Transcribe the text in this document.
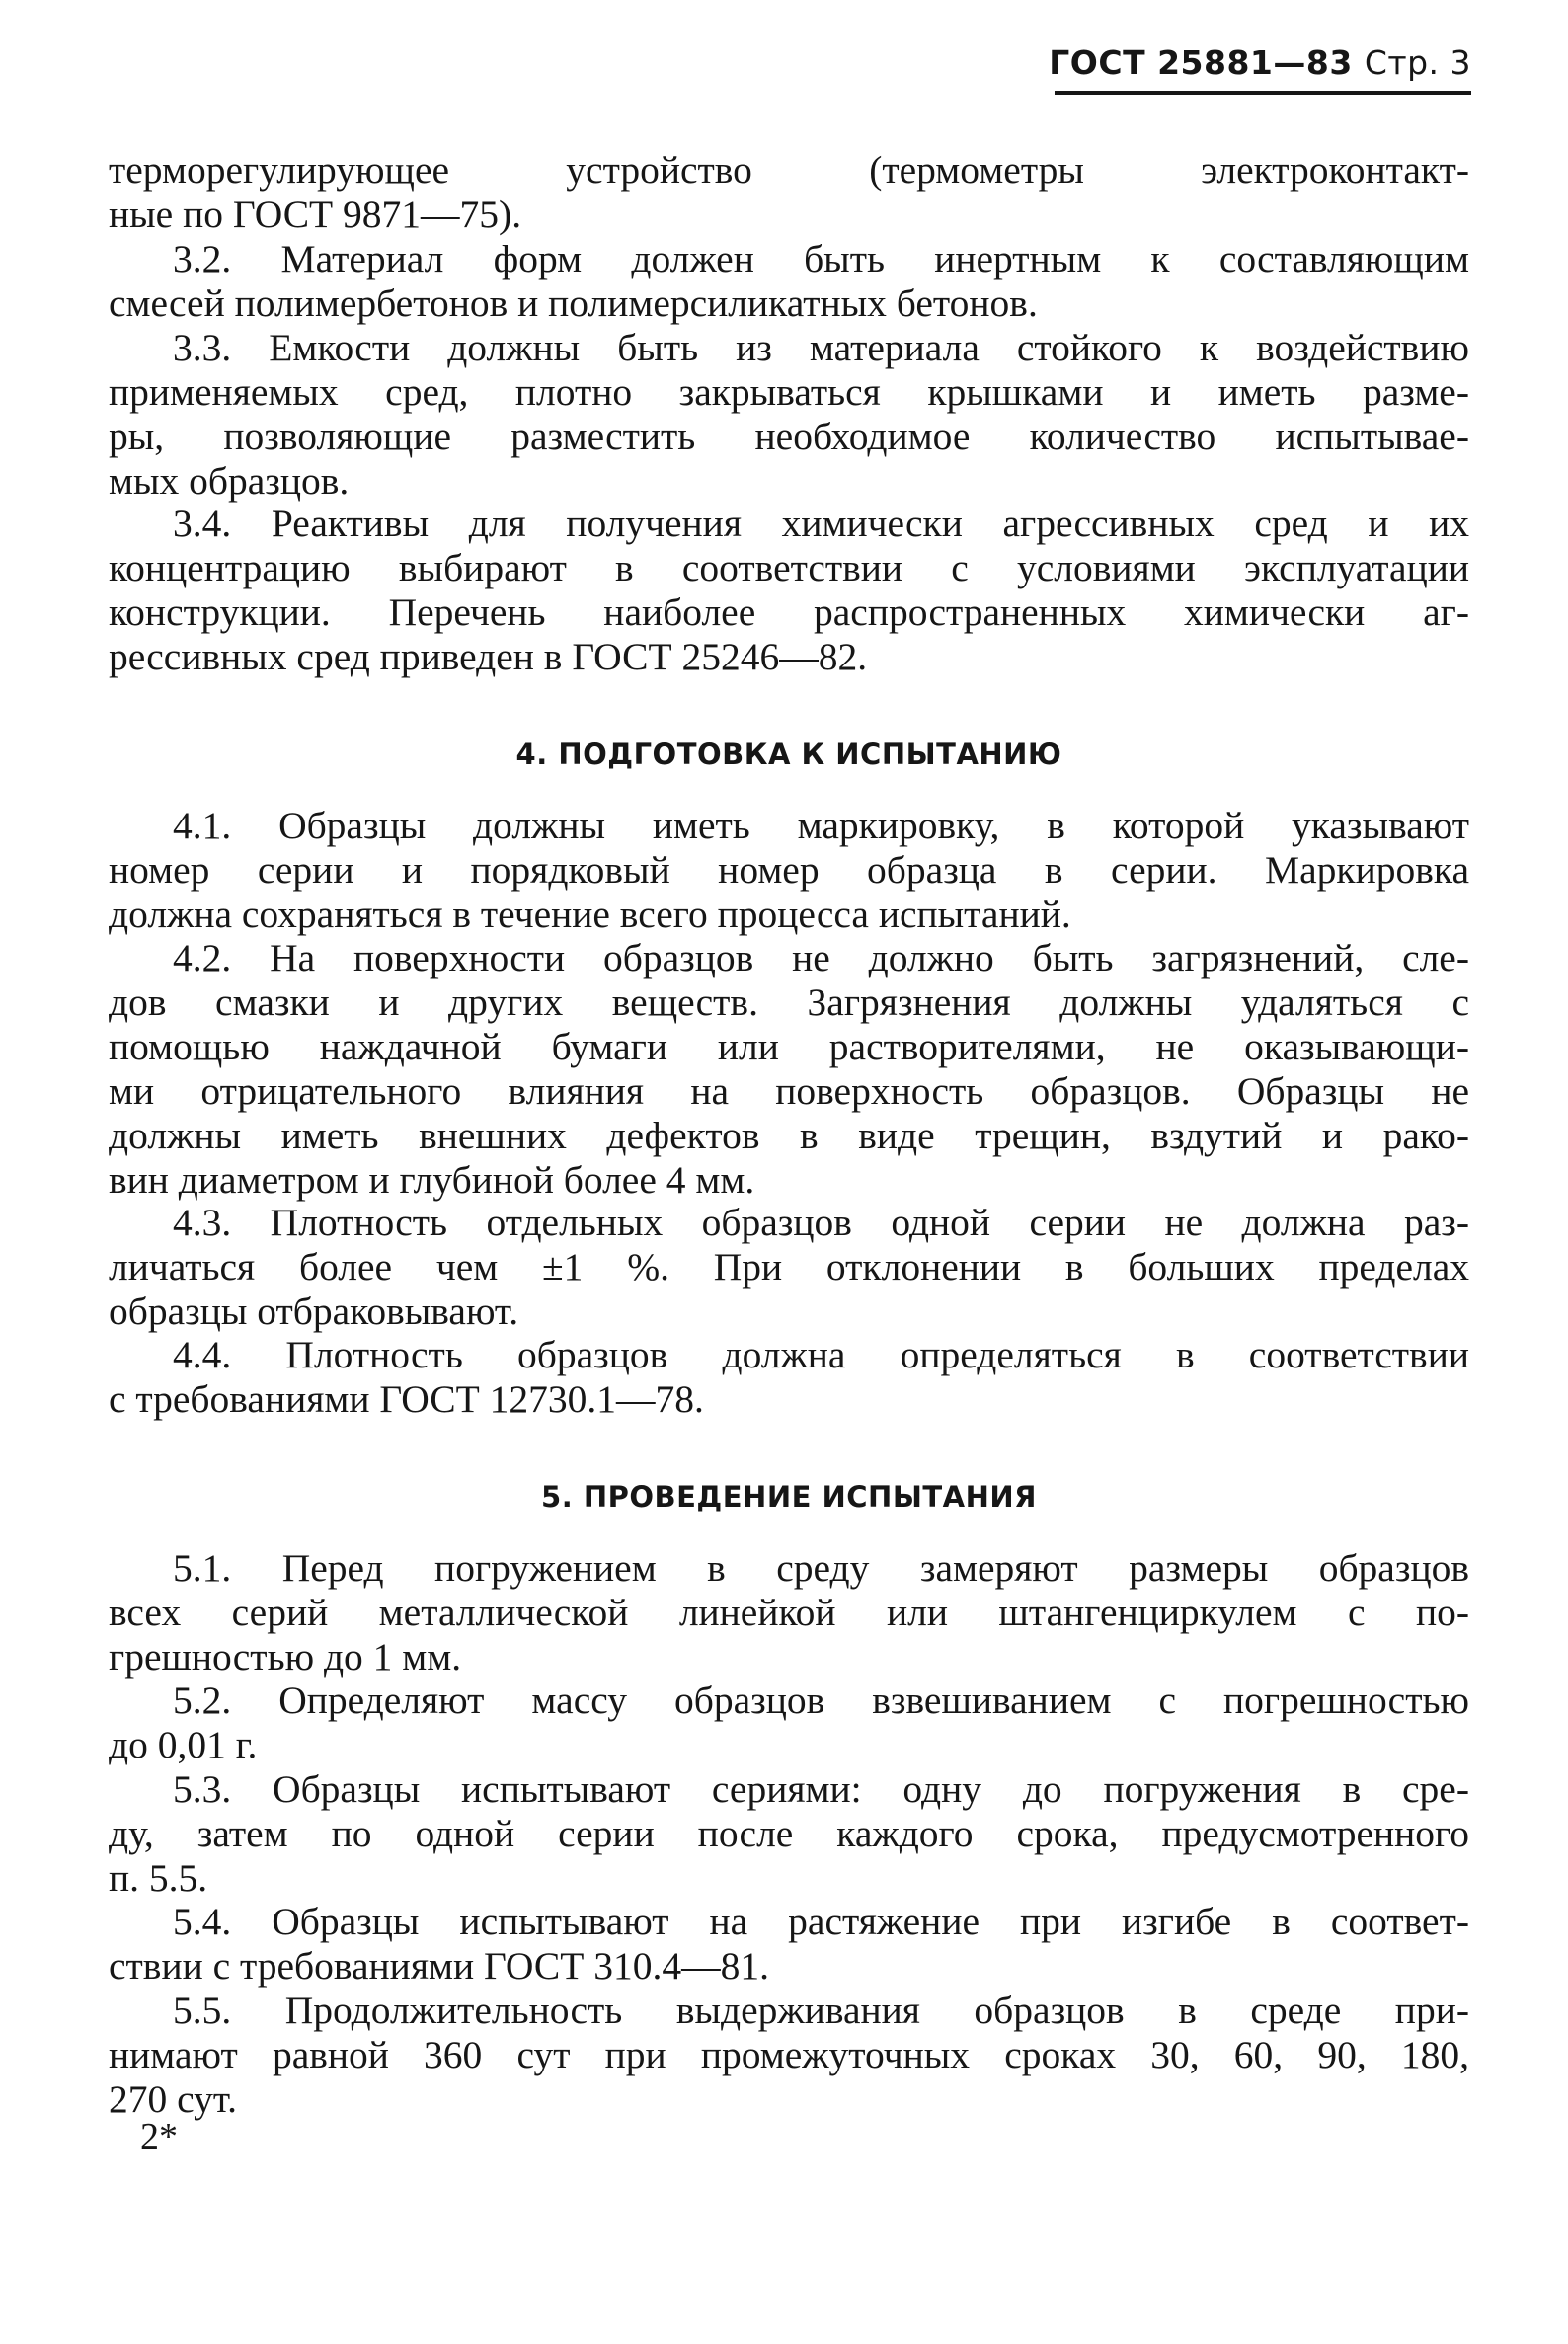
ГОСТ 25881—83 Стр. 3
терморегулирующее устройство (термометры электроконтакт-
ные по ГОСТ 9871—75).
3.2. Материал форм должен быть инертным к составляющим
смесей полимербетонов и полимерсиликатных бетонов.
3.3. Емкости должны быть из материала стойкого к воздействию
применяемых сред, плотно закрываться крышками и иметь разме-
ры, позволяющие разместить необходимое количество испытывае-
мых образцов.
3.4. Реактивы для получения химически агрессивных сред и их
концентрацию выбирают в соответствии с условиями эксплуатации
конструкции. Перечень наиболее распространенных химически аг-
рессивных сред приведен в ГОСТ 25246—82.
4. ПОДГОТОВКА К ИСПЫТАНИЮ
4.1. Образцы должны иметь маркировку, в которой указывают
номер серии и порядковый номер образца в серии. Маркировка
должна сохраняться в течение всего процесса испытаний.
4.2. На поверхности образцов не должно быть загрязнений, сле-
дов смазки и других веществ. Загрязнения должны удаляться с
помощью наждачной бумаги или растворителями, не оказывающи-
ми отрицательного влияния на поверхность образцов. Образцы не
должны иметь внешних дефектов в виде трещин, вздутий и рако-
вин диаметром и глубиной более 4 мм.
4.3. Плотность отдельных образцов одной серии не должна раз-
личаться более чем ±1 %. При отклонении в больших пределах
образцы отбраковывают.
4.4. Плотность образцов должна определяться в соответствии
с требованиями ГОСТ 12730.1—78.
5. ПРОВЕДЕНИЕ ИСПЫТАНИЯ
5.1. Перед погружением в среду замеряют размеры образцов
всех серий металлической линейкой или штангенциркулем с по-
грешностью до 1 мм.
5.2. Определяют массу образцов взвешиванием с погрешностью
до 0,01 г.
5.3. Образцы испытывают сериями: одну до погружения в сре-
ду, затем по одной серии после каждого срока, предусмотренного
п. 5.5.
5.4. Образцы испытывают на растяжение при изгибе в соответ-
ствии с требованиями ГОСТ 310.4—81.
5.5. Продолжительность выдерживания образцов в среде при-
нимают равной 360 сут при промежуточных сроках 30, 60, 90, 180,
270 сут.
2*
